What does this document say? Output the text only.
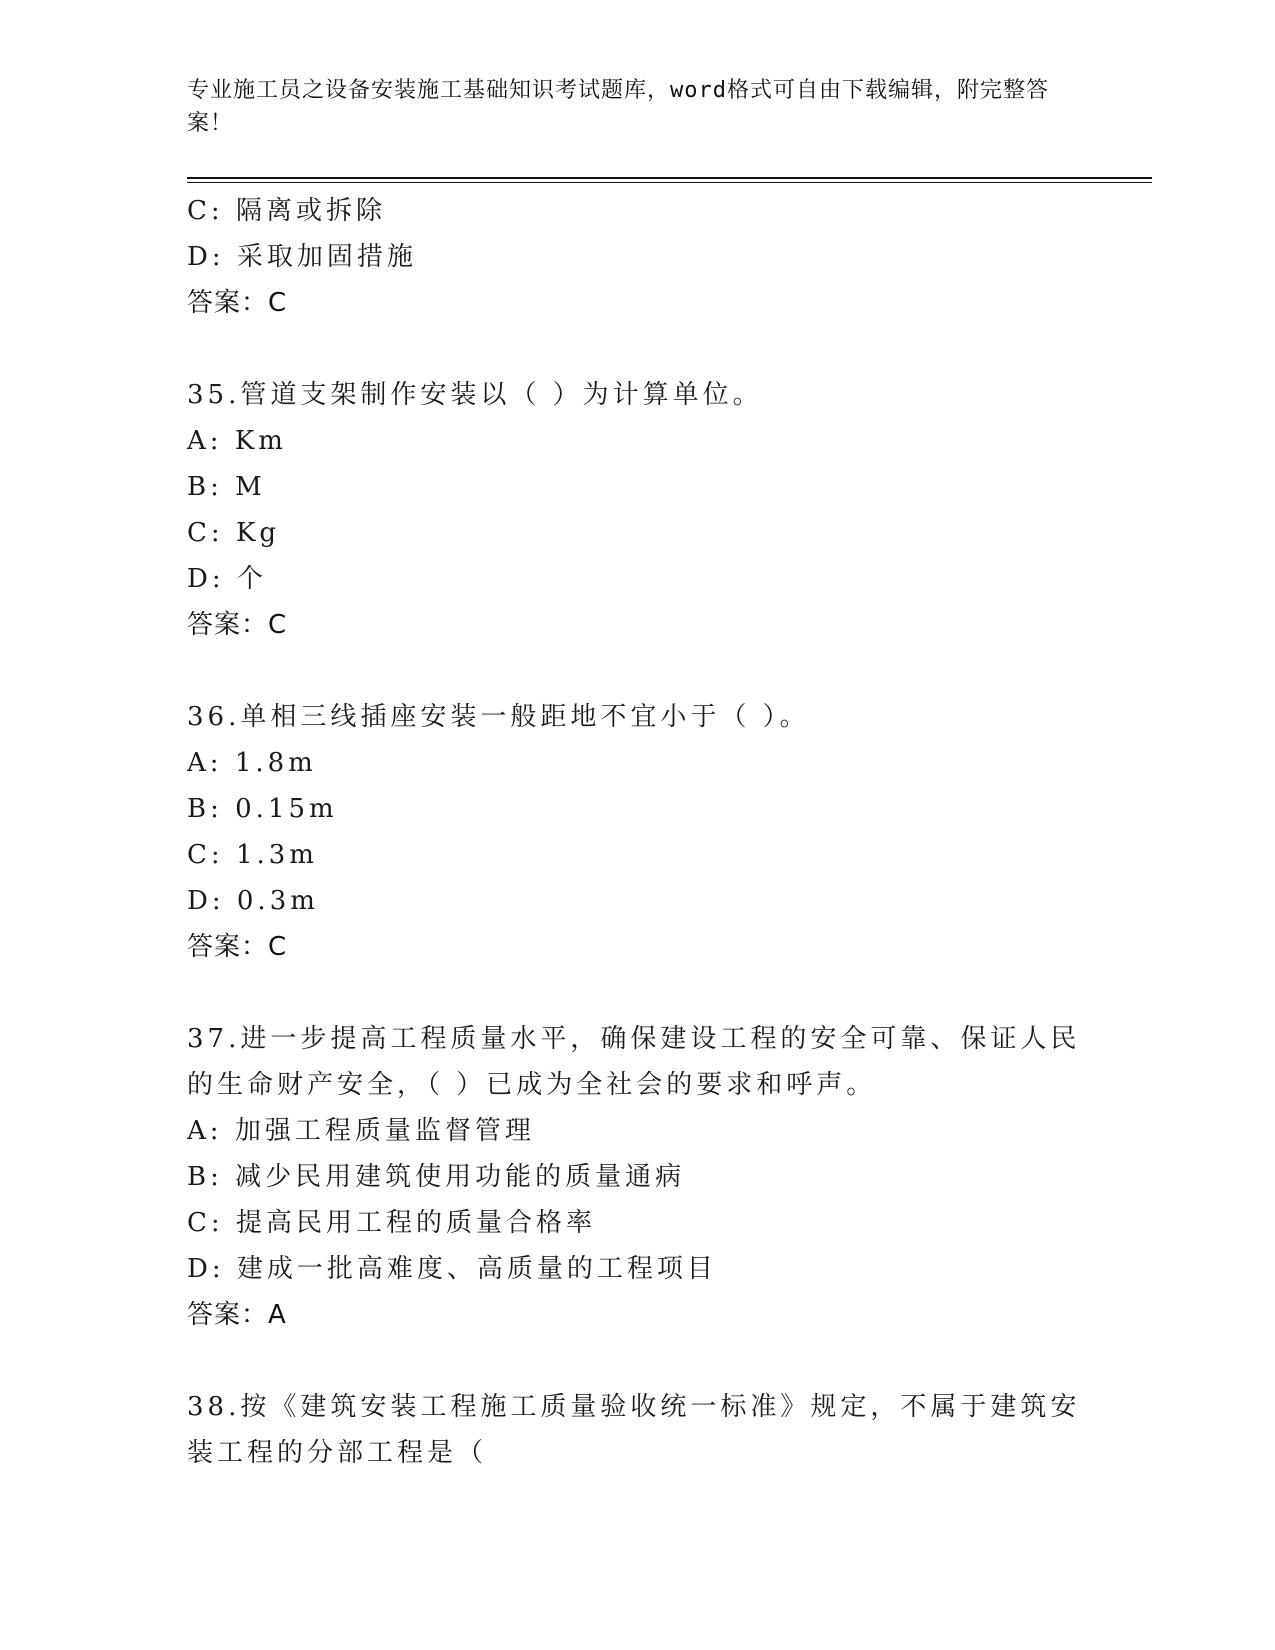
专业施工员之设备安装施工基础知识考试题库，word格式可自由下载编辑，附完整答案！
C: 隔离或拆除
D: 采取加固措施
答案：C
35.管道支架制作安装以（ ）为计算单位。
A: Km
B: M
C: Kg
D: 个
答案：C
36.单相三线插座安装一般距地不宜小于（ ）。
A: 1.8m
B: 0.15m
C: 1.3m
D: 0.3m
答案：C
37.进一步提高工程质量水平，确保建设工程的安全可靠、保证人民的生命财产安全，（ ）已成为全社会的要求和呼声。
A: 加强工程质量监督管理
B: 减少民用建筑使用功能的质量通病
C: 提高民用工程的质量合格率
D: 建成一批高难度、高质量的工程项目
答案：A
38.按《建筑安装工程施工质量验收统一标准》规定，不属于建筑安装工程的分部工程是（
